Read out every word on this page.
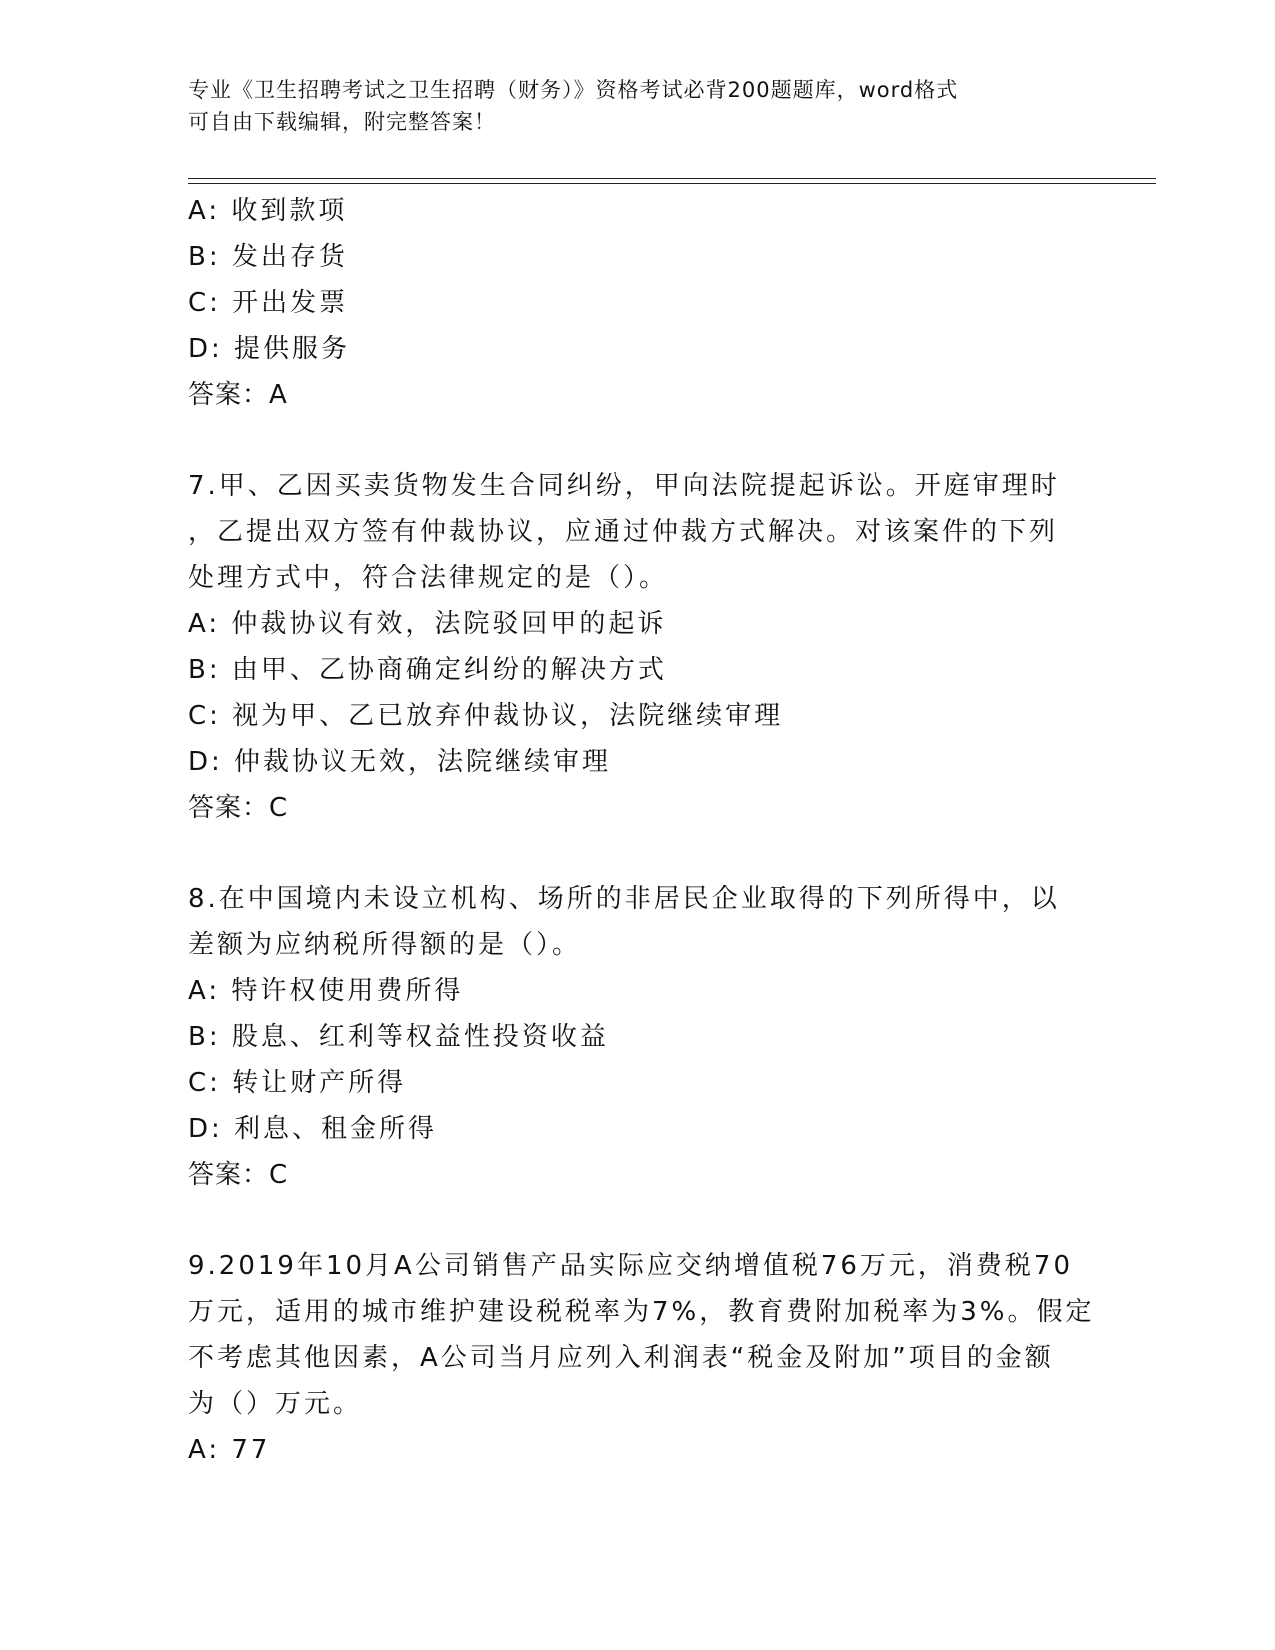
专业《卫生招聘考试之卫生招聘（财务）》资格考试必背200题题库，word格式
可自由下载编辑，附完整答案！
A: 收到款项
B: 发出存货
C: 开出发票
D: 提供服务
答案：A
7.甲、乙因买卖货物发生合同纠纷，甲向法院提起诉讼。开庭审理时
，乙提出双方签有仲裁协议，应通过仲裁方式解决。对该案件的下列
处理方式中，符合法律规定的是（）。
A: 仲裁协议有效，法院驳回甲的起诉
B: 由甲、乙协商确定纠纷的解决方式
C: 视为甲、乙已放弃仲裁协议，法院继续审理
D: 仲裁协议无效，法院继续审理
答案：C
8.在中国境内未设立机构、场所的非居民企业取得的下列所得中，以
差额为应纳税所得额的是（）。
A: 特许权使用费所得
B: 股息、红利等权益性投资收益
C: 转让财产所得
D: 利息、租金所得
答案：C
9.2019年10月A公司销售产品实际应交纳增值税76万元，消费税70
万元，适用的城市维护建设税税率为7%，教育费附加税率为3%。假定
不考虑其他因素，A公司当月应列入利润表“税金及附加”项目的金额
为（）万元。
A: 77
